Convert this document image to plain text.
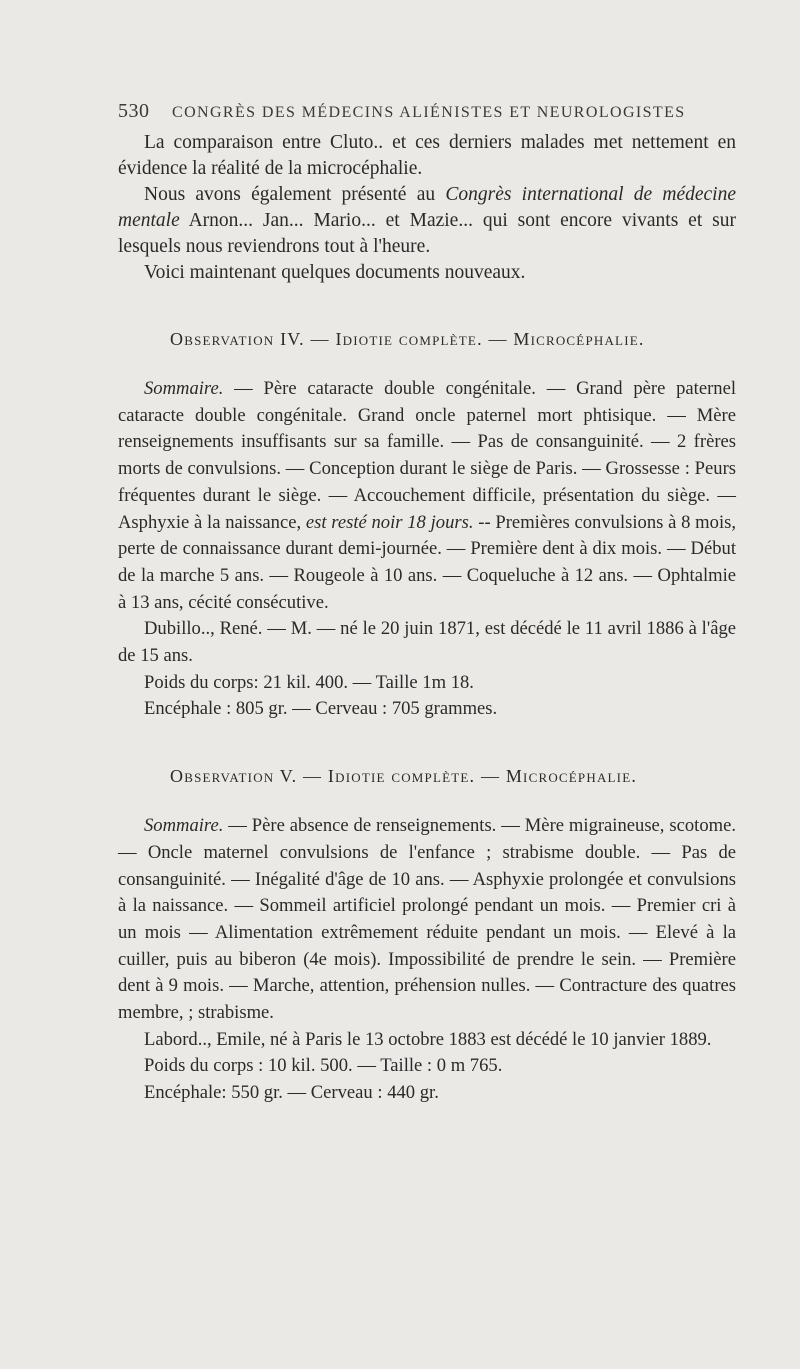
530 CONGRÈS DES MÉDECINS ALIÉNISTES ET NEUROLOGISTES

La comparaison entre Cluto.. et ces derniers malades met nettement en évidence la réalité de la microcéphalie.

Nous avons également présenté au Congrès international de médecine mentale Arnon... Jan... Mario... et Mazie... qui sont encore vivants et sur lesquels nous reviendrons tout à l'heure.

Voici maintenant quelques documents nouveaux.

Observation IV. — Idiotie complète. — Microcéphalie.

Sommaire. — Père cataracte double congénitale. — Grand père paternel cataracte double congénitale. Grand oncle paternel mort phtisique. — Mère renseignements insuffisants sur sa famille. — Pas de consanguinité. — 2 frères morts de convulsions. — Conception durant le siège de Paris. — Grossesse : Peurs fréquentes durant le siège. — Accouchement difficile, présentation du siège. — Asphyxie à la naissance, est resté noir 18 jours. -- Premières convulsions à 8 mois, perte de connaissance durant demi-journée. — Première dent à dix mois. — Début de la marche 5 ans. — Rougeole à 10 ans. — Coqueluche à 12 ans. — Ophtalmie à 13 ans, cécité consécutive.

Dubillo.., René. — M. — né le 20 juin 1871, est décédé le 11 avril 1886 à l'âge de 15 ans.

Poids du corps: 21 kil. 400. — Taille 1m 18.

Encéphale : 805 gr. — Cerveau : 705 grammes.

Observation V. — Idiotie complète. — Microcéphalie.

Sommaire. — Père absence de renseignements. — Mère migraineuse, scotome. — Oncle maternel convulsions de l'enfance ; strabisme double. — Pas de consanguinité. — Inégalité d'âge de 10 ans. — Asphyxie prolongée et convulsions à la naissance. — Sommeil artificiel prolongé pendant un mois. — Premier cri à un mois — Alimentation extrêmement réduite pendant un mois. — Elevé à la cuiller, puis au biberon (4e mois). Impossibilité de prendre le sein. — Première dent à 9 mois. — Marche, attention, préhension nulles. — Contracture des quatres membre, ; strabisme.

Labord.., Emile, né à Paris le 13 octobre 1883 est décédé le 10 janvier 1889.

Poids du corps : 10 kil. 500. — Taille : 0 m 765.

Encéphale: 550 gr. — Cerveau : 440 gr.
